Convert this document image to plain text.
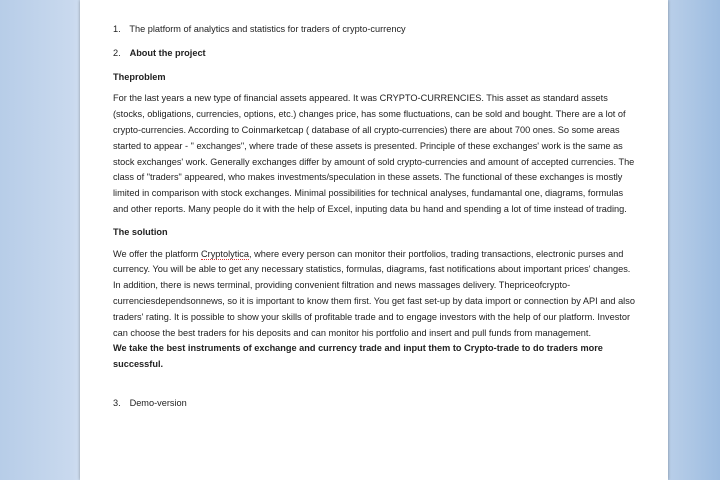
1. The platform of analytics and statistics for traders of crypto-currency
2. About the project
Theproblem
For the last years a new type of financial assets appeared. It was CRYPTO-CURRENCIES. This asset as standard assets (stocks, obligations, currencies, options, etc.) changes price, has some fluctuations, can be sold and bought. There are a lot of crypto-currencies. According to Coinmarketcap ( database of all crypto-currencies) there are about 700 ones. So some areas started to appear - " exchanges", where trade of these assets is presented. Principle of these exchanges' work is the same as stock exchanges' work. Generally exchanges differ by amount of sold crypto-currencies and amount of accepted currencies. The class of "traders" appeared, who makes investments/speculation in these assets. The functional of these exchanges is mostly limited in comparison with stock exchanges. Minimal possibilities for technical analyses, fundamantal one, diagrams, formulas and other reports. Many people do it with the help of Excel, inputing data bu hand and spending a lot of time instead of trading.
The solution
We offer the platform Cryptolytica, where every person can monitor their portfolios, trading transactions, electronic purses and currency. You will be able to get any necessary statistics, formulas, diagrams, fast notifications about important prices' changes. In addition, there is news terminal, providing convenient filtration and news massages delivery. Thepriceofcrypto-currenciesdependsonnews, so it is important to know them first. You get fast set-up by data import or connection by API and also traders' rating. It is possible to show your skills of profitable trade and to engage investors with the help of our platform. Investor can choose the best traders for his deposits and can monitor his portfolio and insert and pull funds from management.
We take the best instruments of exchange and currency trade and input them to Crypto-trade to do traders more successful.
3. Demo-version
